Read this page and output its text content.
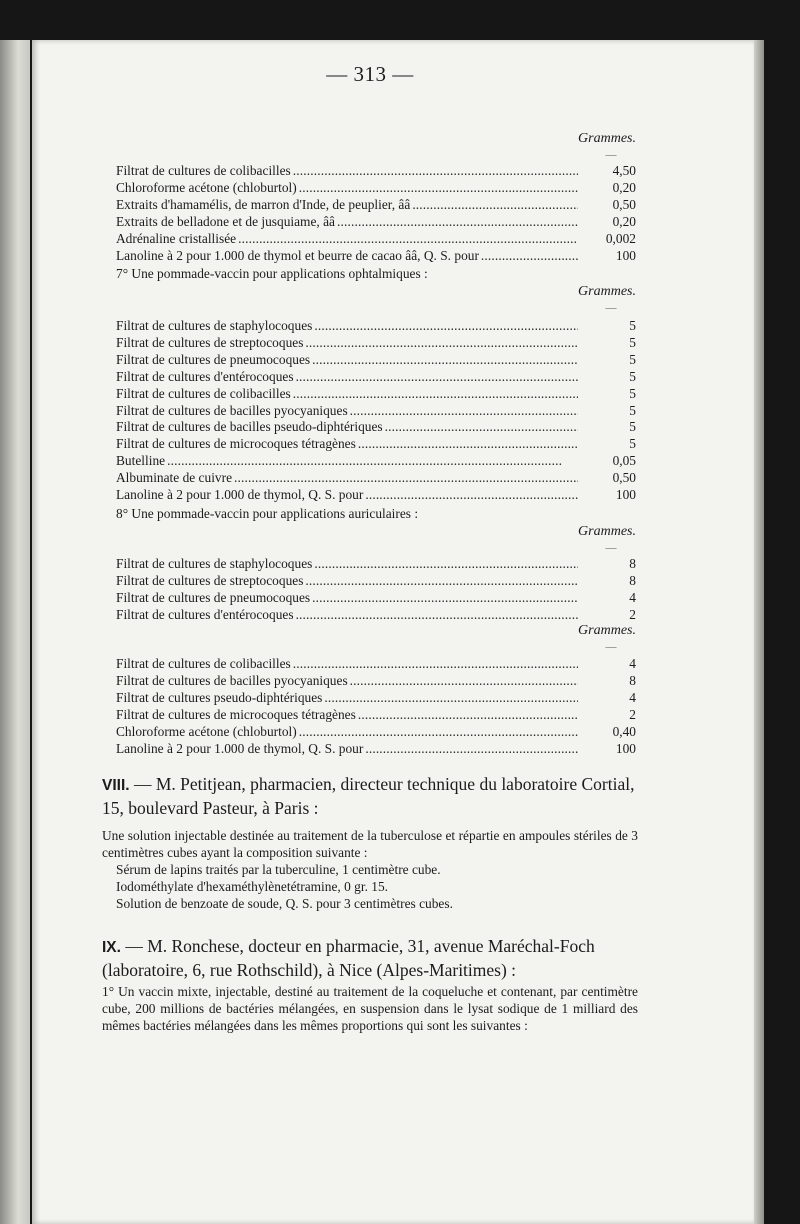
— 313 —
Grammes.
—
Filtrat de cultures de colibacilles . . .	4,50
Chloroforme acétone (chloburtol) . . .	0,20
Extraits d'hamamélis, de marron d'Inde, de peuplier, ââ . . .	0,50
Extraits de belladone et de jusquiame, ââ . . .	0,20
Adrénaline cristallisée . . .	0,002
Lanoline à 2 pour 1.000 de thymol et beurre de cacao ââ, Q. S. pour . . .	100
7° Une pommade-vaccin pour applications ophtalmiques :
Grammes.
—
Filtrat de cultures de staphylocoques . . .	5
Filtrat de cultures de streptocoques . . .	5
Filtrat de cultures de pneumocoques . . .	5
Filtrat de cultures d'entérocoques . . .	5
Filtrat de cultures de colibacilles . . .	5
Filtrat de cultures de bacilles pyocyaniques . . .	5
Filtrat de cultures de bacilles pseudo-diphtériques . . .	5
Filtrat de cultures de microcoques tétragènes . . .	5
Butelline . . .	0,05
Albuminate de cuivre . . .	0,50
Lanoline à 2 pour 1.000 de thymol, Q. S. pour . . .	100
8° Une pommade-vaccin pour applications auriculaires :
Grammes.
—
Filtrat de cultures de staphylocoques . . .	8
Filtrat de cultures de streptocoques . . .	8
Filtrat de cultures de pneumocoques . . .	4
Filtrat de cultures d'entérocoques . . .	2
Grammes.
—
Filtrat de cultures de colibacilles . . .	4
Filtrat de cultures de bacilles pyocyaniques . . .	8
Filtrat de cultures pseudo-diphtériques . . .	4
Filtrat de cultures de microcoques tétragènes . . .	2
Chloroforme acétone (chloburtol) . . .	0,40
Lanoline à 2 pour 1.000 de thymol, Q. S. pour . . .	100
VIII. — M. Petitjean, pharmacien, directeur technique du laboratoire Cortial, 15, boulevard Pasteur, à Paris :
Une solution injectable destinée au traitement de la tuberculose et répartie en ampoules stériles de 3 centimètres cubes ayant la composition suivante :
Sérum de lapins traités par la tuberculine, 1 centimètre cube.
Iodométhylate d'hexaméthylènetétramine, 0 gr. 15.
Solution de benzoate de soude, Q. S. pour 3 centimètres cubes.
IX. — M. Ronchese, docteur en pharmacie, 31, avenue Maréchal-Foch (laboratoire, 6, rue Rothschild), à Nice (Alpes-Maritimes) :
1° Un vaccin mixte, injectable, destiné au traitement de la coqueluche et contenant, par centimètre cube, 200 millions de bactéries mélangées, en suspension dans le lysat sodique de 1 milliard des mêmes bactéries mélangées dans les mêmes proportions qui sont les suivantes :
